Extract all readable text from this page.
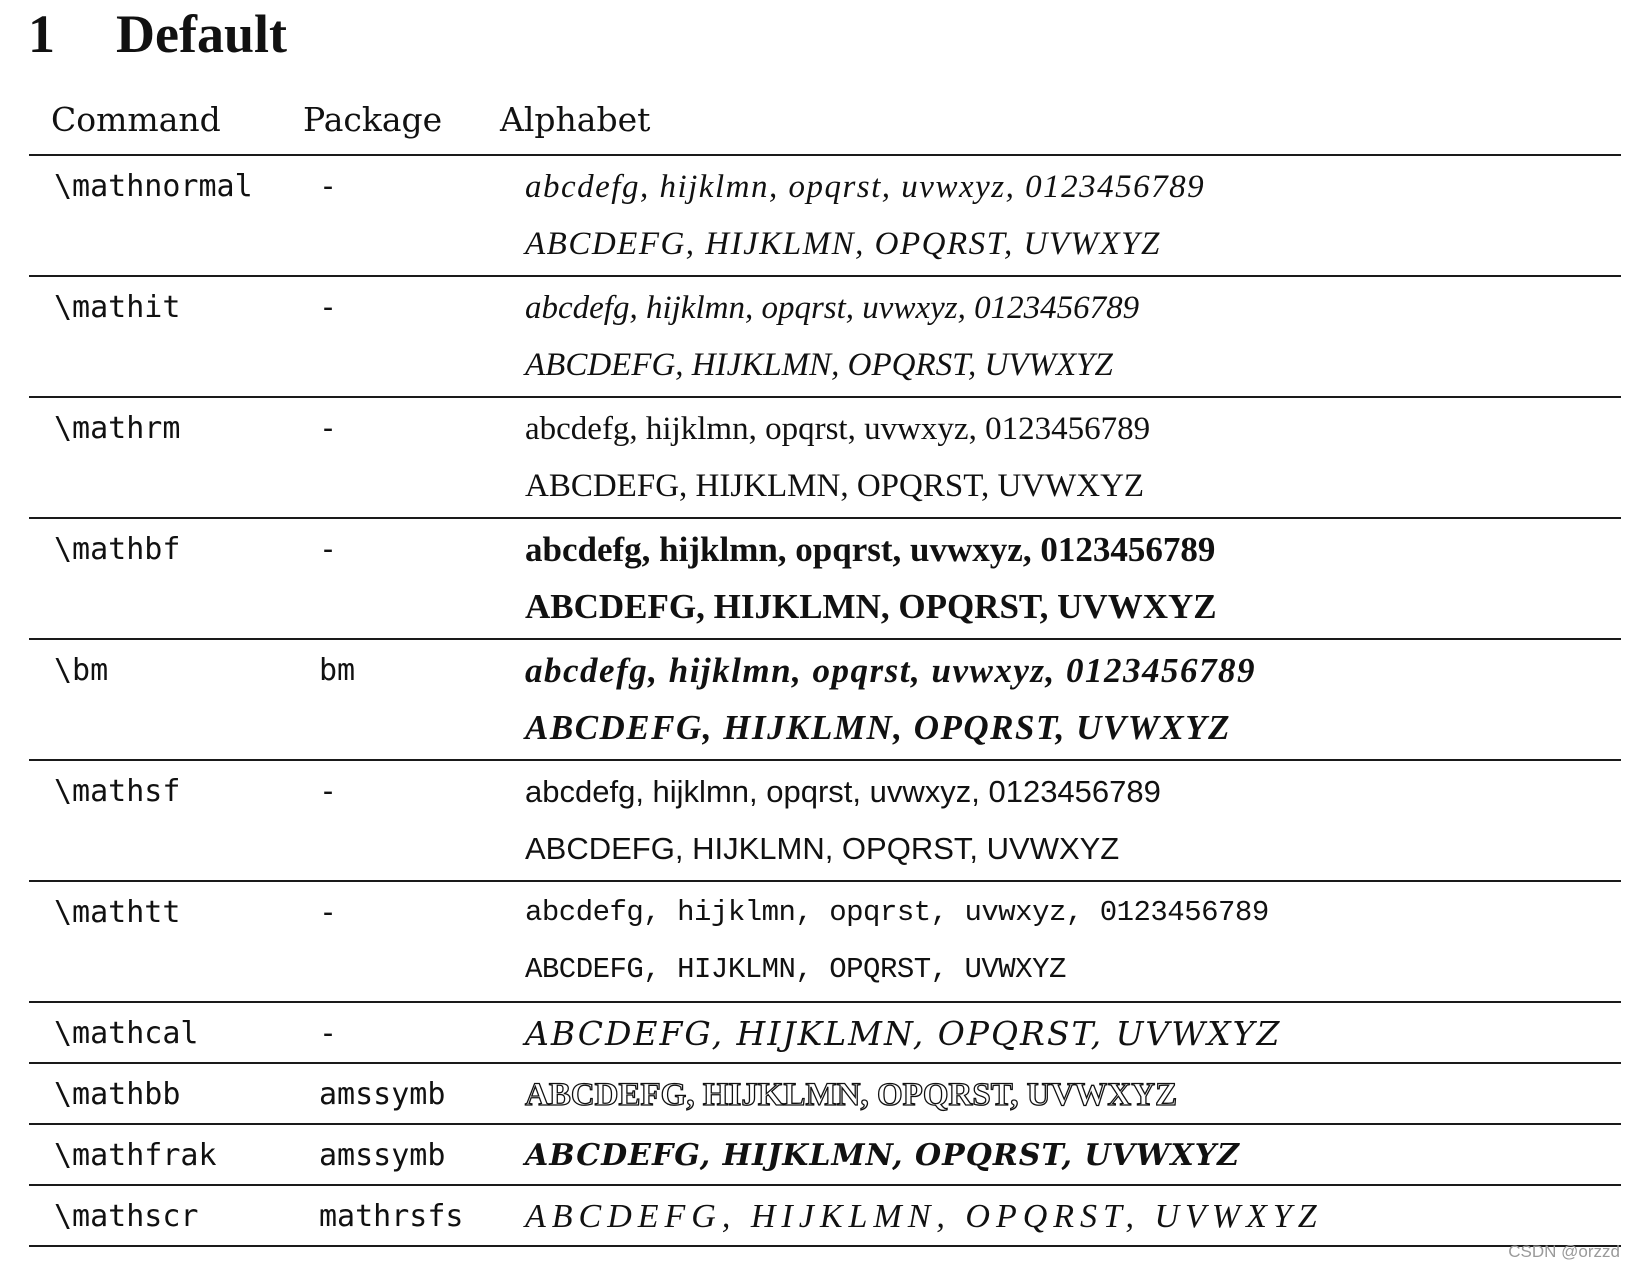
1 Default
Command Package Alphabet
\mathnormal -	abcdefg, hijklmn, opqrst, uvwxyz, 0123456789
ABCDEFG, HIJKLMN, OPQRST, UVWXYZ
\mathit	-	abcdefg, hijklmn, opqrst, uvwxyz, 0123456789
ABCDEFG, HIJKLMN, OPQRST, UVWXYZ
\mathrm	-	abcdefg, hijklmn, opqrst, uvwxyz, 0123456789
ABCDEFG, HIJKLMN, OPQRST, UVWXYZ
\mathbf	-	abcdefg, hijklmn, opqrst, uvwxyz, 0123456789
ABCDEFG, HIJKLMN, OPQRST, UVWXYZ
\bm	bm	abcdefg, hijklmn, opqrst, uvwxyz, 0123456789
ABCDEFG, HIJKLMN, OPQRST, UVWXYZ
\mathsf	-	abcdefg, hijklmn, opqrst, uvwxyz, 0123456789
ABCDEFG, HIJKLMN, OPQRST, UVWXYZ
\mathtt	-	abcdefg, hijklmn, opqrst, uvwxyz, 0123456789
ABCDEFG, HIJKLMN, OPQRST, UVWXYZ
\mathcal	-	ABCDEFG, HIJKLMN, OPQRST, UVWXYZ
\mathbb	amssymb ABCDEFG, HIJKLMN, OPQRST, UVWXYZ
\mathfrak	amssymb	ABCDEFG, HIJKLMN, OPQRST, UVWXYZ
\mathscr	mathrsfs ABCDEFG, HIJKLMN, OPQRST, UVWXYZ
CSDN @orzzd
